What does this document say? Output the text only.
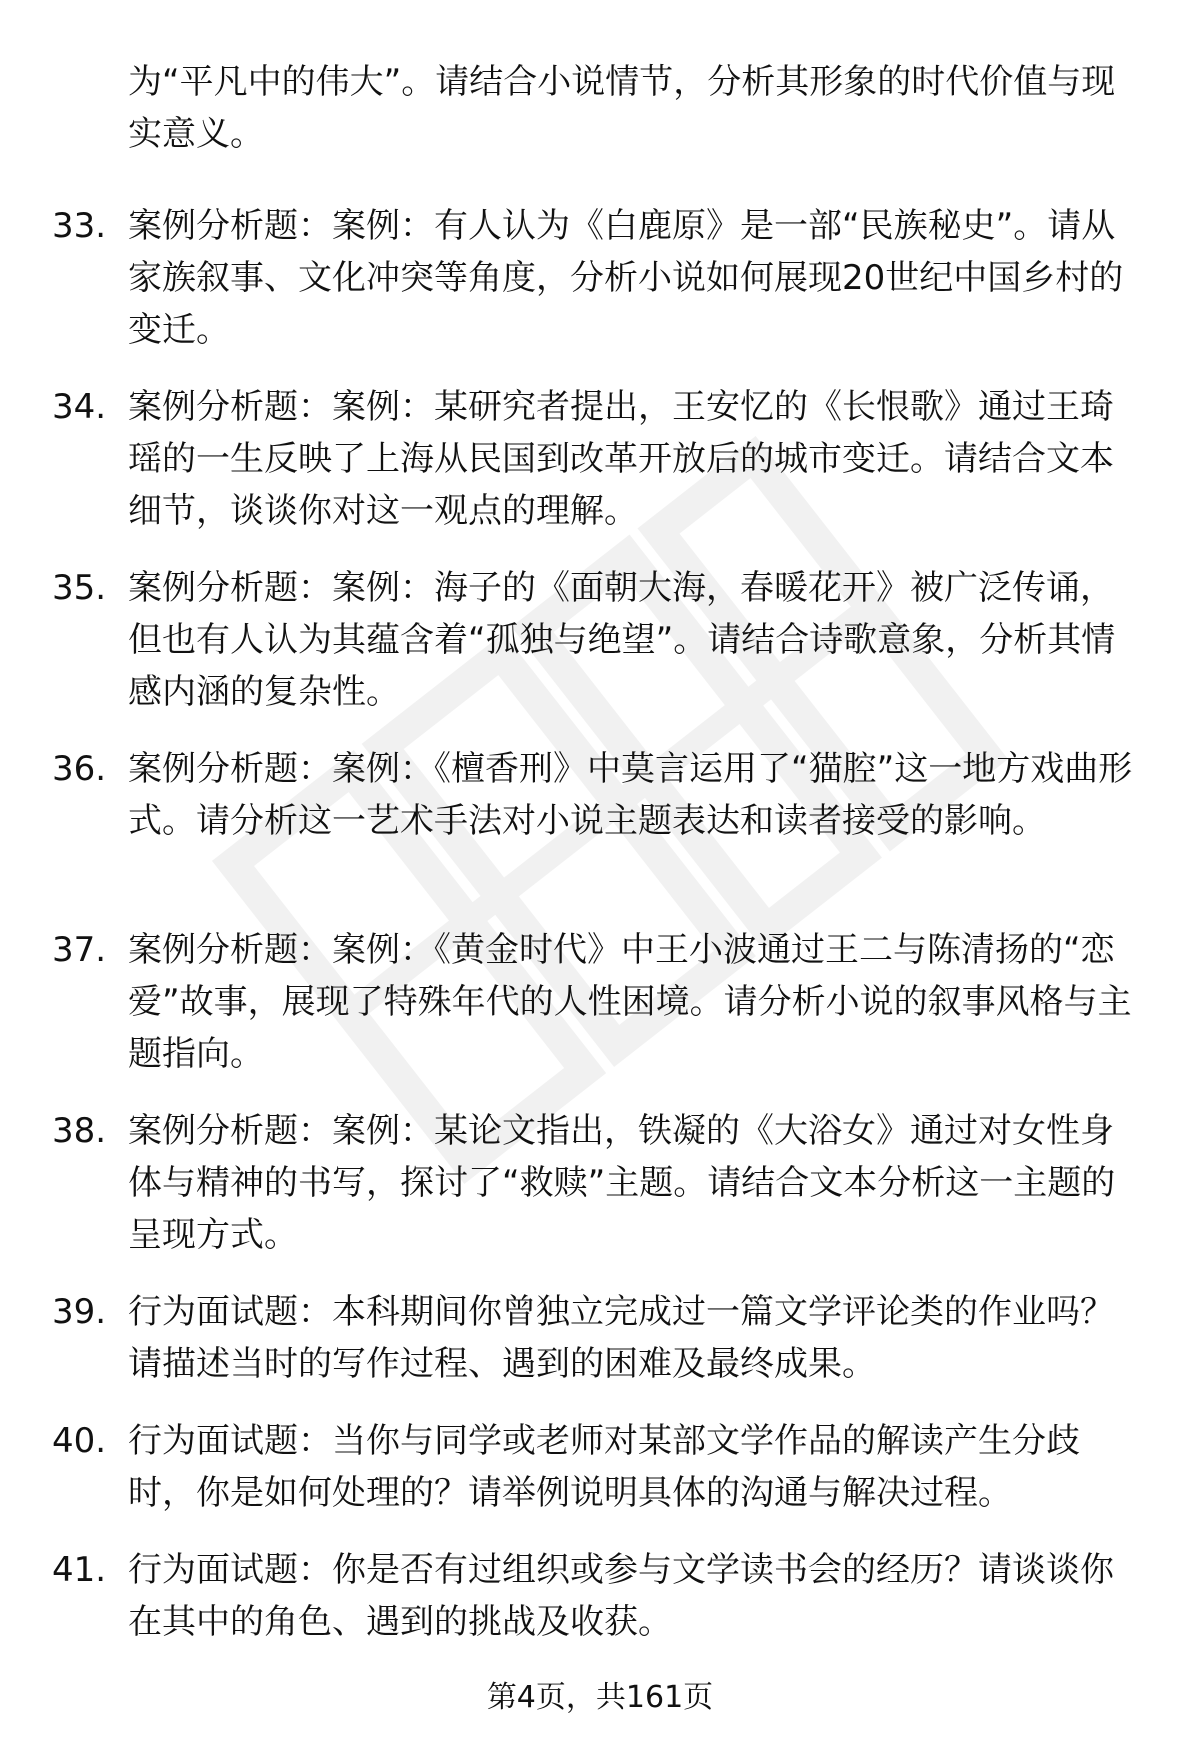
为“平凡中的伟大”。请结合小说情节，分析其形象的时代价值与现实意义。

33. 案例分析题：案例：有人认为《白鹿原》是一部“民族秘史”。请从家族叙事、文化冲突等角度，分析小说如何展现20世纪中国乡村的变迁。

34. 案例分析题：案例：某研究者提出，王安忆的《长恨歌》通过王琦瑶的一生反映了上海从民国到改革开放后的城市变迁。请结合文本细节，谈谈你对这一观点的理解。

35. 案例分析题：案例：海子的《面朝大海，春暖花开》被广泛传诵，但也有人认为其蕴含着“孤独与绝望”。请结合诗歌意象，分析其情感内涵的复杂性。

36. 案例分析题：案例：《檀香刑》中莫言运用了“猫腔”这一地方戏曲形式。请分析这一艺术手法对小说主题表达和读者接受的影响。

37. 案例分析题：案例：《黄金时代》中王小波通过王二与陈清扬的“恋爱”故事，展现了特殊年代的人性困境。请分析小说的叙事风格与主题指向。

38. 案例分析题：案例：某论文指出，铁凝的《大浴女》通过对女性身体与精神的书写，探讨了“救赎”主题。请结合文本分析这一主题的呈现方式。

39. 行为面试题：本科期间你曾独立完成过一篇文学评论类的作业吗？请描述当时的写作过程、遇到的困难及最终成果。

40. 行为面试题：当你与同学或老师对某部文学作品的解读产生分歧时，你是如何处理的？请举例说明具体的沟通与解决过程。

41. 行为面试题：你是否有过组织或参与文学读书会的经历？请谈谈你在其中的角色、遇到的挑战及收获。

第4页，共161页
